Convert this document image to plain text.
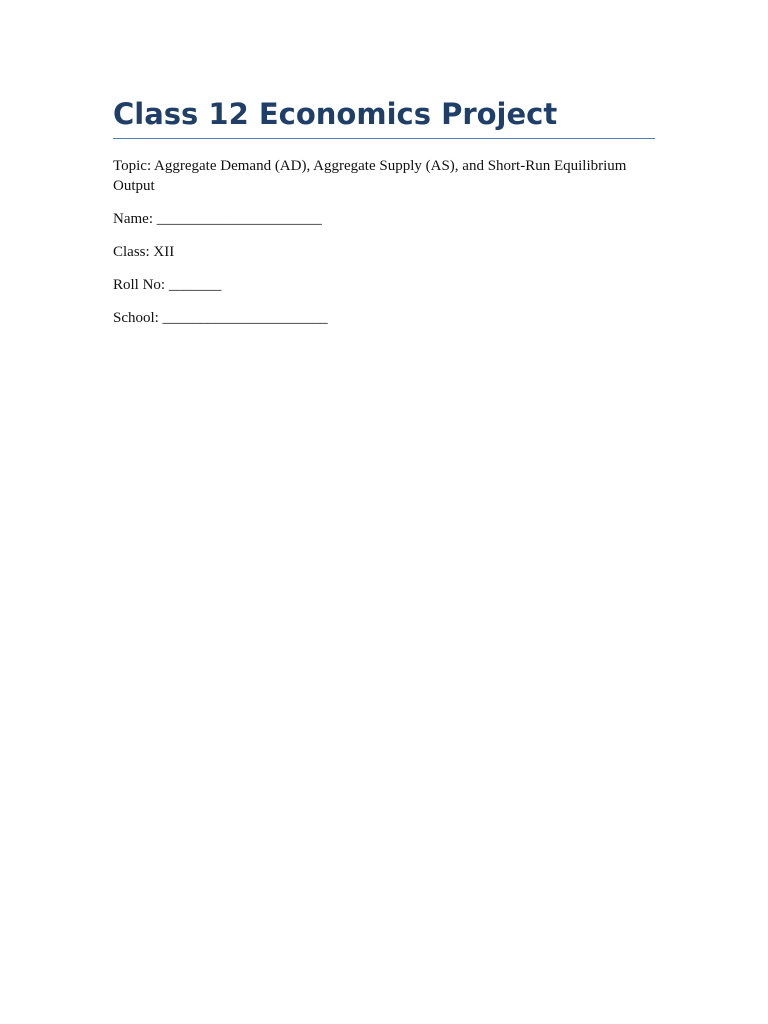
Class 12 Economics Project

Topic: Aggregate Demand (AD), Aggregate Supply (AS), and Short-Run Equilibrium Output

Name: ______________________

Class: XII

Roll No: _______

School: ______________________
